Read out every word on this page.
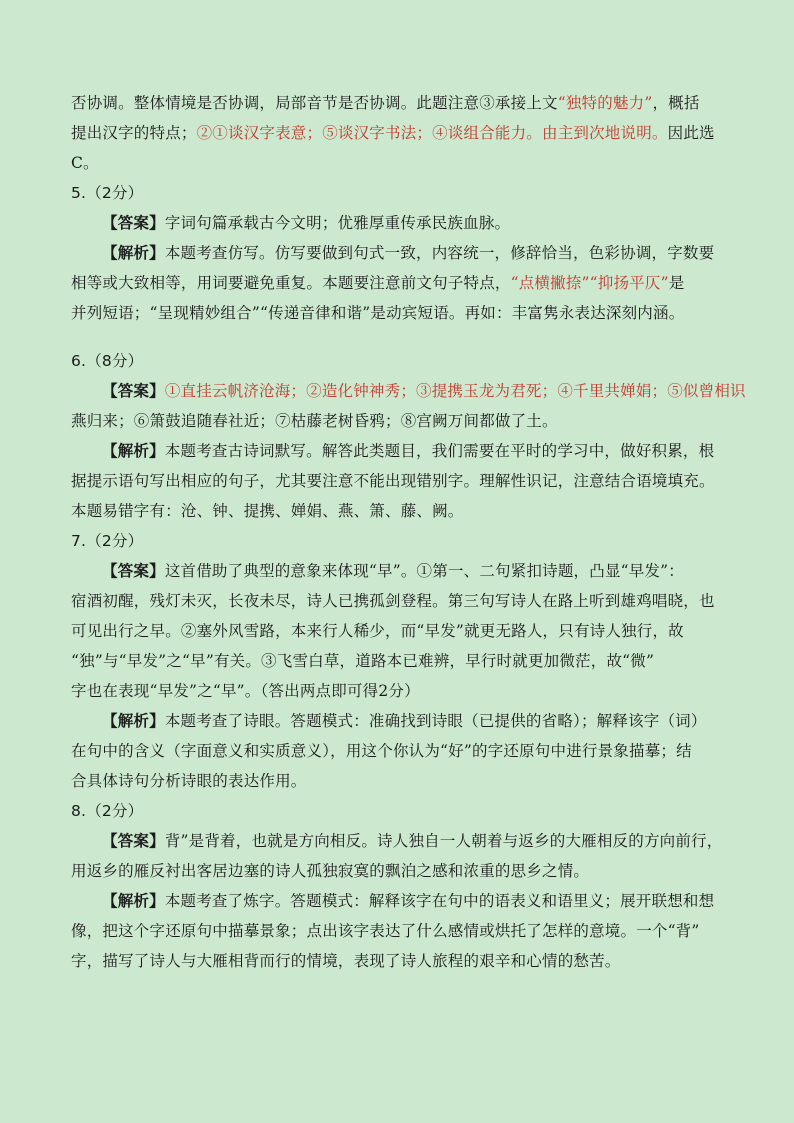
否协调。整体情境是否协调，局部音节是否协调。此题注意③承接上文“独特的魅力”，概括
提出汉字的特点；②①谈汉字表意；⑤谈汉字书法；④谈组合能力。由主到次地说明。因此选
C。
5.（2分）
【答案】字词句篇承载古今文明；优雅厚重传承民族血脉。
【解析】本题考查仿写。仿写要做到句式一致，内容统一，修辞恰当，色彩协调，字数要
相等或大致相等，用词要避免重复。本题要注意前文句子特点，“点横撇捺”“抑扬平仄”是
并列短语；“呈现精妙组合”“传递音律和谐”是动宾短语。再如：丰富隽永表达深刻内涵。
6.（8分）
【答案】①直挂云帆济沧海；②造化钟神秀；③提携玉龙为君死；④千里共婵娟；⑤似曾相识
燕归来；⑥箫鼓追随春社近；⑦枯藤老树昏鸦；⑧宫阙万间都做了土。
【解析】本题考查古诗词默写。解答此类题目，我们需要在平时的学习中，做好积累，根
据提示语句写出相应的句子，尤其要注意不能出现错别字。理解性识记，注意结合语境填充。
本题易错字有：沧、钟、提携、婵娟、燕、箫、藤、阙。
7.（2分）
【答案】这首借助了典型的意象来体现“早”。①第一、二句紧扣诗题，凸显“早发”：
宿酒初醒，残灯未灭，长夜未尽，诗人已携孤剑登程。第三句写诗人在路上听到雄鸡唱晓，也
可见出行之早。②塞外风雪路，本来行人稀少，而“早发”就更无路人，只有诗人独行，故
“独”与“早发”之“早”有关。③飞雪白草，道路本已难辨，早行时就更加微茫，故“微”
字也在表现“早发”之“早”。（答出两点即可得2分）
【解析】本题考查了诗眼。答题模式：准确找到诗眼（已提供的省略）；解释该字（词）
在句中的含义（字面意义和实质意义），用这个你认为“好”的字还原句中进行景象描摹；结
合具体诗句分析诗眼的表达作用。
8.（2分）
【答案】背”是背着，也就是方向相反。诗人独自一人朝着与返乡的大雁相反的方向前行，
用返乡的雁反衬出客居边塞的诗人孤独寂寞的飘泊之感和浓重的思乡之情。
【解析】本题考查了炼字。答题模式：解释该字在句中的语表义和语里义；展开联想和想
像，把这个字还原句中描摹景象；点出该字表达了什么感情或烘托了怎样的意境。一个“背”
字，描写了诗人与大雁相背而行的情境，表现了诗人旅程的艰辛和心情的愁苦。
